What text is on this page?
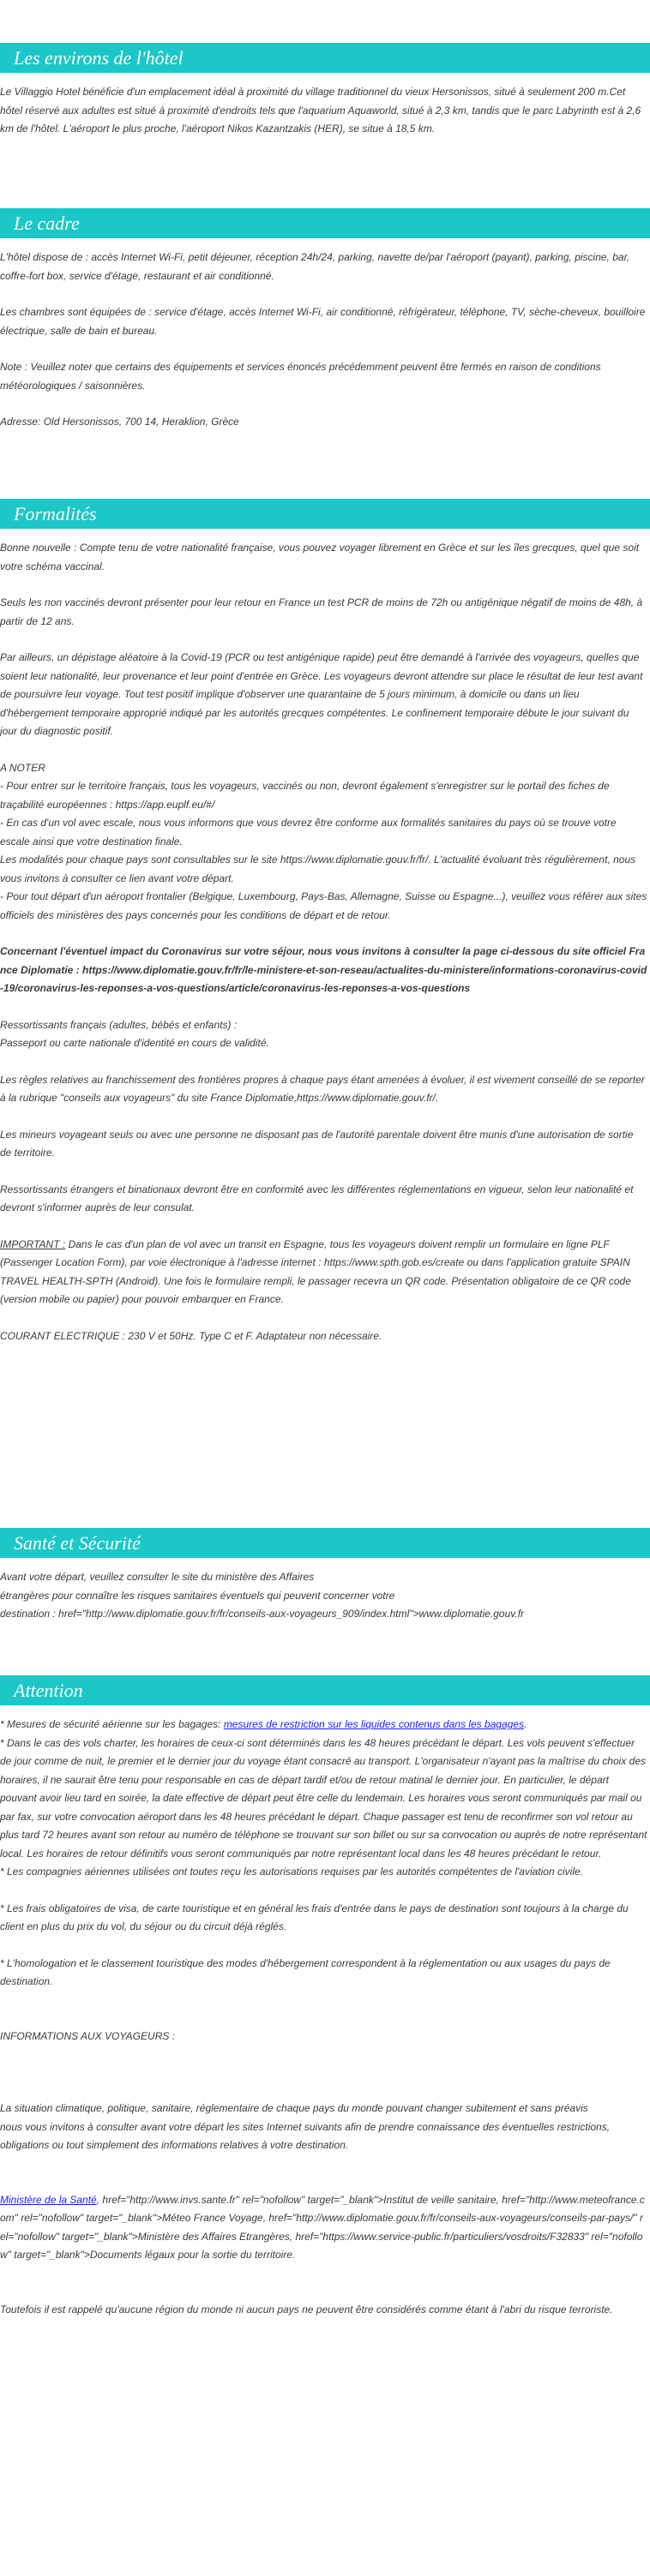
Les environs de l'hôtel

Le Villaggio Hotel bénéficie d'un emplacement idéal à proximité du village traditionnel du vieux Hersonissos, situé à seulement 200 m.Cet hôtel réservé aux adultes est situé à proximité d'endroits tels que l'aquarium Aquaworld, situé à 2,3 km, tandis que le parc Labyrinth est à 2,6 km de l'hôtel. L'aéroport le plus proche, l'aéroport Nikos Kazantzakis (HER), se situe à 18,5 km.

Le cadre

L'hôtel dispose de : accès Internet Wi-Fi, petit déjeuner, réception 24h/24, parking, navette de/par l'aéroport (payant), parking, piscine, bar, coffre-fort box, service d'étage, restaurant et air conditionné.

Les chambres sont équipées de : service d'étage, accès Internet Wi-Fi, air conditionné, réfrigérateur, téléphone, TV, sèche-cheveux, bouilloire électrique, salle de bain et bureau.

Note : Veuillez noter que certains des équipements et services énoncés précédemment peuvent être fermés en raison de conditions météorologiques / saisonnières.

Adresse: Old Hersonissos, 700 14, Heraklion, Grèce

Formalités

Bonne nouvelle : Compte tenu de votre nationalité française, vous pouvez voyager librement en Grèce et sur les îles grecques, quel que soit votre schéma vaccinal.

Seuls les non vaccinés devront présenter pour leur retour en France un test PCR de moins de 72h ou antigénique négatif de moins de 48h, à partir de 12 ans.

Par ailleurs, un dépistage aléatoire à la Covid-19 (PCR ou test antigénique rapide) peut être demandé à l'arrivée des voyageurs, quelles que soient leur nationalité, leur provenance et leur point d'entrée en Grèce. Les voyageurs devront attendre sur place le résultat de leur test avant de poursuivre leur voyage. Tout test positif implique d'observer une quarantaine de 5 jours minimum, à domicile ou dans un lieu d'hébergement temporaire approprié indiqué par les autorités grecques compétentes. Le confinement temporaire débute le jour suivant du jour du diagnostic positif.

A NOTER

- Pour entrer sur le territoire français, tous les voyageurs, vaccinés ou non, devront également s'enregistrer sur le portail des fiches de traçabilité européennes : https://app.euplf.eu/#/

- En cas d'un vol avec escale, nous vous informons que vous devrez être conforme aux formalités sanitaires du pays où se trouve votre escale ainsi que votre destination finale.

Les modalités pour chaque pays sont consultables sur le site https://www.diplomatie.gouv.fr/fr/. L'actualité évoluant très régulièrement, nous vous invitons à consulter ce lien avant votre départ.

- Pour tout départ d'un aéroport frontalier (Belgique, Luxembourg, Pays-Bas, Allemagne, Suisse ou Espagne...), veuillez vous référer aux sites officiels des ministères des pays concernés pour les conditions de départ et de retour.

Concernant l'éventuel impact du Coronavirus sur votre séjour, nous vous invitons à consulter la page ci-dessous du site officiel France Diplomatie : https://www.diplomatie.gouv.fr/fr/le-ministere-et-son-reseau/actualites-du-ministere/informations-coronavirus-covid-19/coronavirus-les-reponses-a-vos-questions/article/coronavirus-les-reponses-a-vos-questions

Ressortissants français (adultes, bébés et enfants) :

Passeport ou carte nationale d'identité en cours de validité.

Les règles relatives au franchissement des frontières propres à chaque pays étant amenées à évoluer, il est vivement conseillé de se reporter à la rubrique "conseils aux voyageurs" du site France Diplomatie,https://www.diplomatie.gouv.fr/.

Les mineurs voyageant seuls ou avec une personne ne disposant pas de l'autorité parentale doivent être munis d'une autorisation de sortie de territoire.

Ressortissants étrangers et binationaux devront être en conformité avec les différentes réglementations en vigueur, selon leur nationalité et devront s'informer auprès de leur consulat.

IMPORTANT : Dans le cas d'un plan de vol avec un transit en Espagne, tous les voyageurs doivent remplir un formulaire en ligne PLF (Passenger Location Form), par voie électronique à l'adresse internet : https://www.spth.gob.es/create ou dans l'application gratuite SPAIN TRAVEL HEALTH-SPTH (Android). Une fois le formulaire rempli, le passager recevra un QR code. Présentation obligatoire de ce QR code (version mobile ou papier) pour pouvoir embarquer en France.

COURANT ELECTRIQUE : 230 V et 50Hz. Type C et F. Adaptateur non nécessaire.

Santé et Sécurité

Avant votre départ, veuillez consulter le site du ministère des Affaires

étrangères pour connaître les risques sanitaires éventuels qui peuvent concerner votre

destination : href="http://www.diplomatie.gouv.fr/fr/conseils-aux-voyageurs_909/index.html">www.diplomatie.gouv.fr

Attention

* Mesures de sécurité aérienne sur les bagages: mesures de restriction sur les liquides contenus dans les bagages.

* Dans le cas des vols charter, les horaires de ceux-ci sont déterminés dans les 48 heures précédant le départ. Les vols peuvent s'effectuer de jour comme de nuit, le premier et le dernier jour du voyage étant consacré au transport. L'organisateur n'ayant pas la maîtrise du choix des horaires, il ne saurait être tenu pour responsable en cas de départ tardif et/ou de retour matinal le dernier jour. En particulier, le départ pouvant avoir lieu tard en soirée, la date effective de départ peut être celle du lendemain. Les horaires vous seront communiqués par mail ou par fax, sur votre convocation aéroport dans les 48 heures précédant le départ. Chaque passager est tenu de reconfirmer son vol retour au plus tard 72 heures avant son retour au numéro de téléphone se trouvant sur son billet ou sur sa convocation ou auprès de notre représentant local. Les horaires de retour définitifs vous seront communiqués par notre représentant local dans les 48 heures précédant le retour.

* Les compagnies aériennes utilisées ont toutes reçu les autorisations requises par les autorités compétentes de l'aviation civile.

* Les frais obligatoires de visa, de carte touristique et en général les frais d'entrée dans le pays de destination sont toujours à la charge du client en plus du prix du vol, du séjour ou du circuit déjà réglés.

* L'homologation et le classement touristique des modes d'hébergement correspondent à la réglementation ou aux usages du pays de destination.

INFORMATIONS AUX VOYAGEURS :

La situation climatique, politique, sanitaire, réglementaire de chaque pays du monde pouvant changer subitement et sans préavis

nous vous invitons à consulter avant votre départ les sites Internet suivants afin de prendre connaissance des éventuelles restrictions, obligations ou tout simplement des informations relatives à votre destination.

Ministère de la Santé, href="http://www.invs.sante.fr" rel="nofollow" target="_blank">Institut de veille sanitaire, href="http://www.meteofrance.com" rel="nofollow" target="_blank">Méteo France Voyage, href="http://www.diplomatie.gouv.fr/fr/conseils-aux-voyageurs/conseils-par-pays/" rel="nofollow" target="_blank">Ministère des Affaires Etrangères, href="https://www.service-public.fr/particuliers/vosdroits/F32833" rel="nofollow" target="_blank">Documents légaux pour la sortie du territoire.

Toutefois il est rappelé qu'aucune région du monde ni aucun pays ne peuvent être considérés comme étant à l'abri du risque terroriste.
